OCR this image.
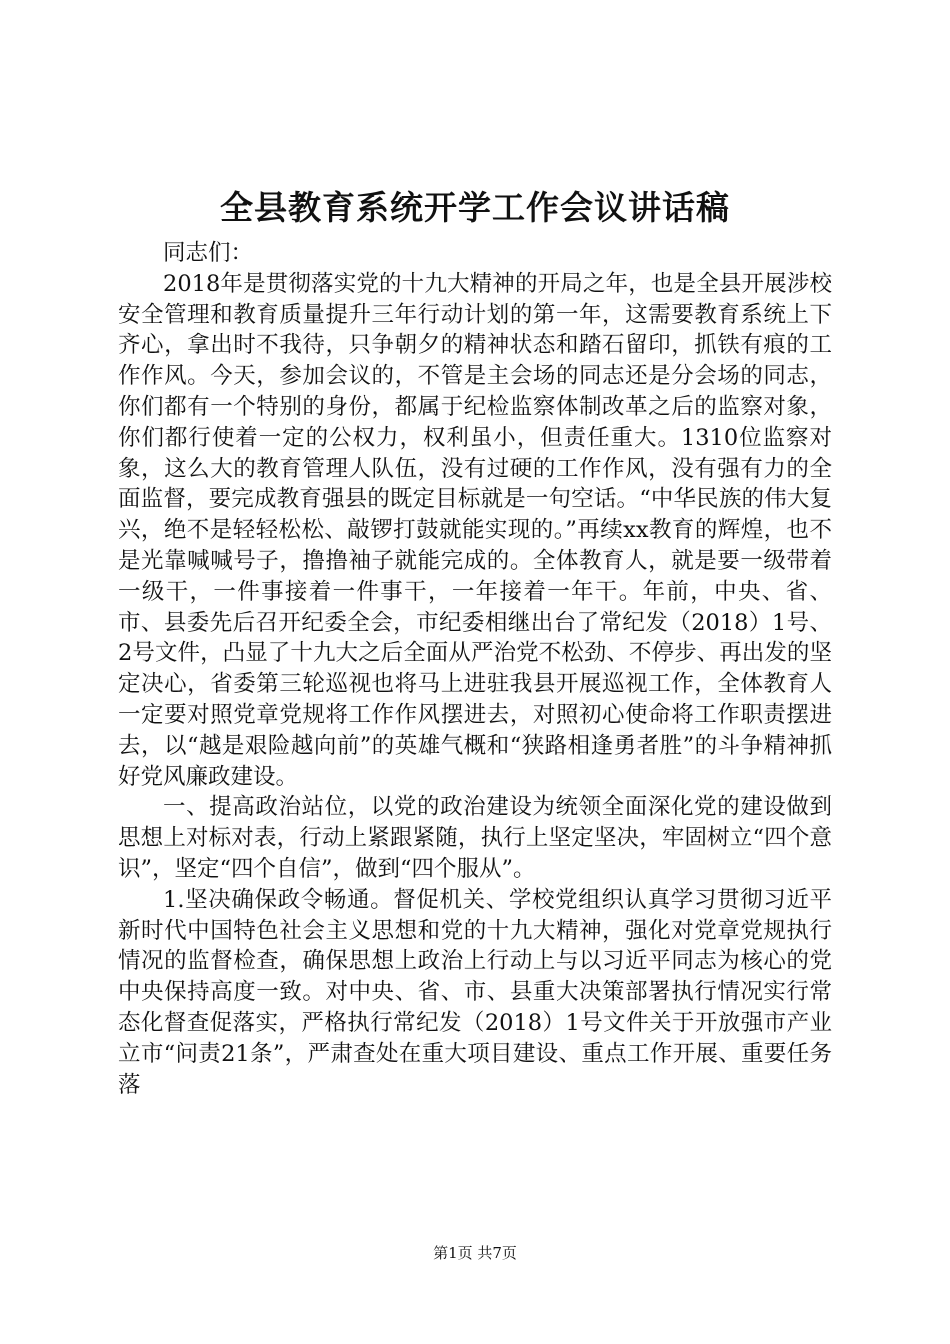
全县教育系统开学工作会议讲话稿

同志们：

2018年是贯彻落实党的十九大精神的开局之年，也是全县开展涉校安全管理和教育质量提升三年行动计划的第一年，这需要教育系统上下齐心，拿出时不我待，只争朝夕的精神状态和踏石留印，抓铁有痕的工作作风。今天，参加会议的，不管是主会场的同志还是分会场的同志，你们都有一个特别的身份，都属于纪检监察体制改革之后的监察对象，你们都行使着一定的公权力，权利虽小，但责任重大。1310位监察对象，这么大的教育管理人队伍，没有过硬的工作作风，没有强有力的全面监督，要完成教育强县的既定目标就是一句空话。“中华民族的伟大复兴，绝不是轻轻松松、敲锣打鼓就能实现的。”再续xx教育的辉煌，也不是光靠喊喊号子，撸撸袖子就能完成的。全体教育人，就是要一级带着一级干，一件事接着一件事干，一年接着一年干。年前，中央、省、市、县委先后召开纪委全会，市纪委相继出台了常纪发（2018）1号、2号文件，凸显了十九大之后全面从严治党不松劲、不停步、再出发的坚定决心，省委第三轮巡视也将马上进驻我县开展巡视工作，全体教育人一定要对照党章党规将工作作风摆进去，对照初心使命将工作职责摆进去，以“越是艰险越向前”的英雄气概和“狭路相逢勇者胜”的斗争精神抓好党风廉政建设。

一、提高政治站位，以党的政治建设为统领全面深化党的建设做到思想上对标对表，行动上紧跟紧随，执行上坚定坚决，牢固树立“四个意识”，坚定“四个自信”，做到“四个服从”。

1.坚决确保政令畅通。督促机关、学校党组织认真学习贯彻习近平新时代中国特色社会主义思想和党的十九大精神，强化对党章党规执行情况的监督检查，确保思想上政治上行动上与以习近平同志为核心的党中央保持高度一致。对中央、省、市、县重大决策部署执行情况实行常态化督查促落实，严格执行常纪发（2018）1号文件关于开放强市产业立市“问责21条”，严肃查处在重大项目建设、重点工作开展、重要任务落

第1页 共7页
